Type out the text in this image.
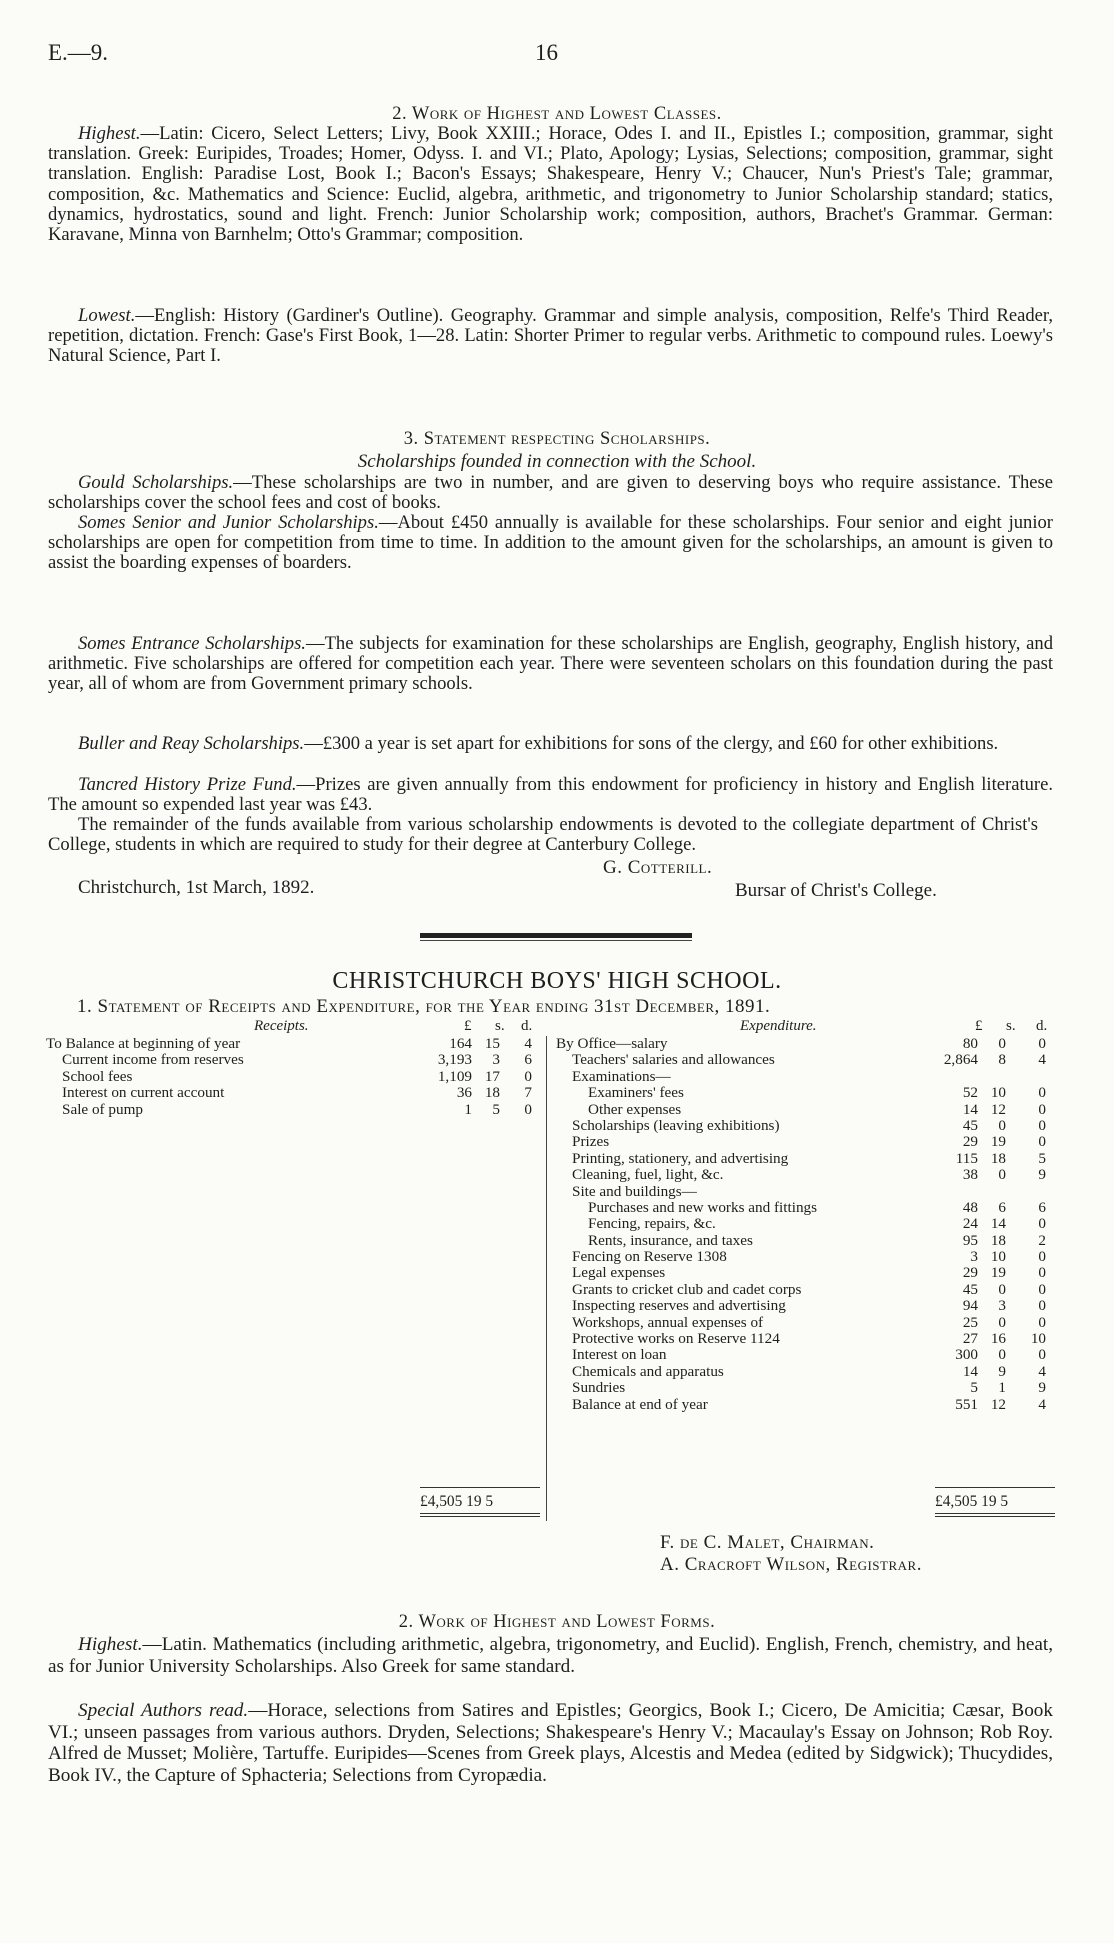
E.—9.	16
2. Work of Highest and Lowest Classes.
Highest.—Latin: Cicero, Select Letters; Livy, Book XXIII.; Horace, Odes I. and II., Epistles I.; composition, grammar, sight translation. Greek: Euripides, Troades; Homer, Odyss. I. and VI.; Plato, Apology; Lysias, Selections; composition, grammar, sight translation. English: Paradise Lost, Book I.; Bacon's Essays; Shakespeare, Henry V.; Chaucer, Nun's Priest's Tale; grammar, composition, &c. Mathematics and Science: Euclid, algebra, arithmetic, and trigonometry to Junior Scholarship standard; statics, dynamics, hydrostatics, sound and light. French: Junior Scholarship work; composition, authors, Brachet's Grammar. German: Karavane, Minna von Barnhelm; Otto's Grammar; composition.
Lowest.—English: History (Gardiner's Outline). Geography. Grammar and simple analysis, composition, Relfe's Third Reader, repetition, dictation. French: Gase's First Book, 1—28. Latin: Shorter Primer to regular verbs. Arithmetic to compound rules. Loewy's Natural Science, Part I.
3. Statement respecting Scholarships.
Scholarships founded in connection with the School.
Gould Scholarships.—These scholarships are two in number, and are given to deserving boys who require assistance. These scholarships cover the school fees and cost of books.
Somes Senior and Junior Scholarships.—About £450 annually is available for these scholarships. Four senior and eight junior scholarships are open for competition from time to time. In addition to the amount given for the scholarships, an amount is given to assist the boarding expenses of boarders.
Somes Entrance Scholarships.—The subjects for examination for these scholarships are English, geography, English history, and arithmetic. Five scholarships are offered for competition each year. There were seventeen scholars on this foundation during the past year, all of whom are from Government primary schools.
Buller and Reay Scholarships.—£300 a year is set apart for exhibitions for sons of the clergy, and £60 for other exhibitions.
Tancred History Prize Fund.—Prizes are given annually from this endowment for proficiency in history and English literature. The amount so expended last year was £43.
The remainder of the funds available from various scholarship endowments is devoted to the collegiate department of Christ's College, students in which are required to study for their degree at Canterbury College.
G. Cotterill.
Christchurch, 1st March, 1892.	Bursar of Christ's College.
CHRISTCHURCH BOYS' HIGH SCHOOL.
1. Statement of Receipts and Expenditure, for the Year ending 31st December, 1891.
Receipts.	£ s. d.	Expenditure.	£ s. d.
To Balance at beginning of year	164 15 4
Current income from reserves	3,193 3 6
School fees	1,109 17 0
Interest on current account	36 18 7
Sale of pump	1 5 0
£4,505 19 5
By Office—salary	80 0 0
Teachers' salaries and allowances	2,864 8 4
Examinations—
Examiners' fees	52 10 0
Other expenses	14 12 0
Scholarships (leaving exhibitions)	45 0 0
Prizes	29 19 0
Printing, stationery, and advertising	115 18 5
Cleaning, fuel, light, &c.	38 0 9
Site and buildings—
Purchases and new works and fittings	48 6 6
Fencing, repairs, &c.	24 14 0
Rents, insurance, and taxes	95 18 2
Fencing on Reserve 1308	3 10 0
Legal expenses	29 19 0
Grants to cricket club and cadet corps	45 0 0
Inspecting reserves and advertising	94 3 0
Workshops, annual expenses of	25 0 0
Protective works on Reserve 1124	27 16 10
Interest on loan	300 0 0
Chemicals and apparatus	14 9 4
Sundries	5 1 9
Balance at end of year	551 12 4
£4,505 19 5
F. de C. Malet, Chairman.
A. Cracroft Wilson, Registrar.
2. Work of Highest and Lowest Forms.
Highest.—Latin. Mathematics (including arithmetic, algebra, trigonometry, and Euclid). English, French, chemistry, and heat, as for Junior University Scholarships. Also Greek for same standard.
Special Authors read.—Horace, selections from Satires and Epistles; Georgics, Book I.; Cicero, De Amicitia; Cæsar, Book VI.; unseen passages from various authors. Dryden, Selections; Shakespeare's Henry V.; Macaulay's Essay on Johnson; Rob Roy. Alfred de Musset; Molière, Tartuffe. Euripides—Scenes from Greek plays, Alcestis and Medea (edited by Sidgwick); Thucydides, Book IV., the Capture of Sphacteria; Selections from Cyropædia.
